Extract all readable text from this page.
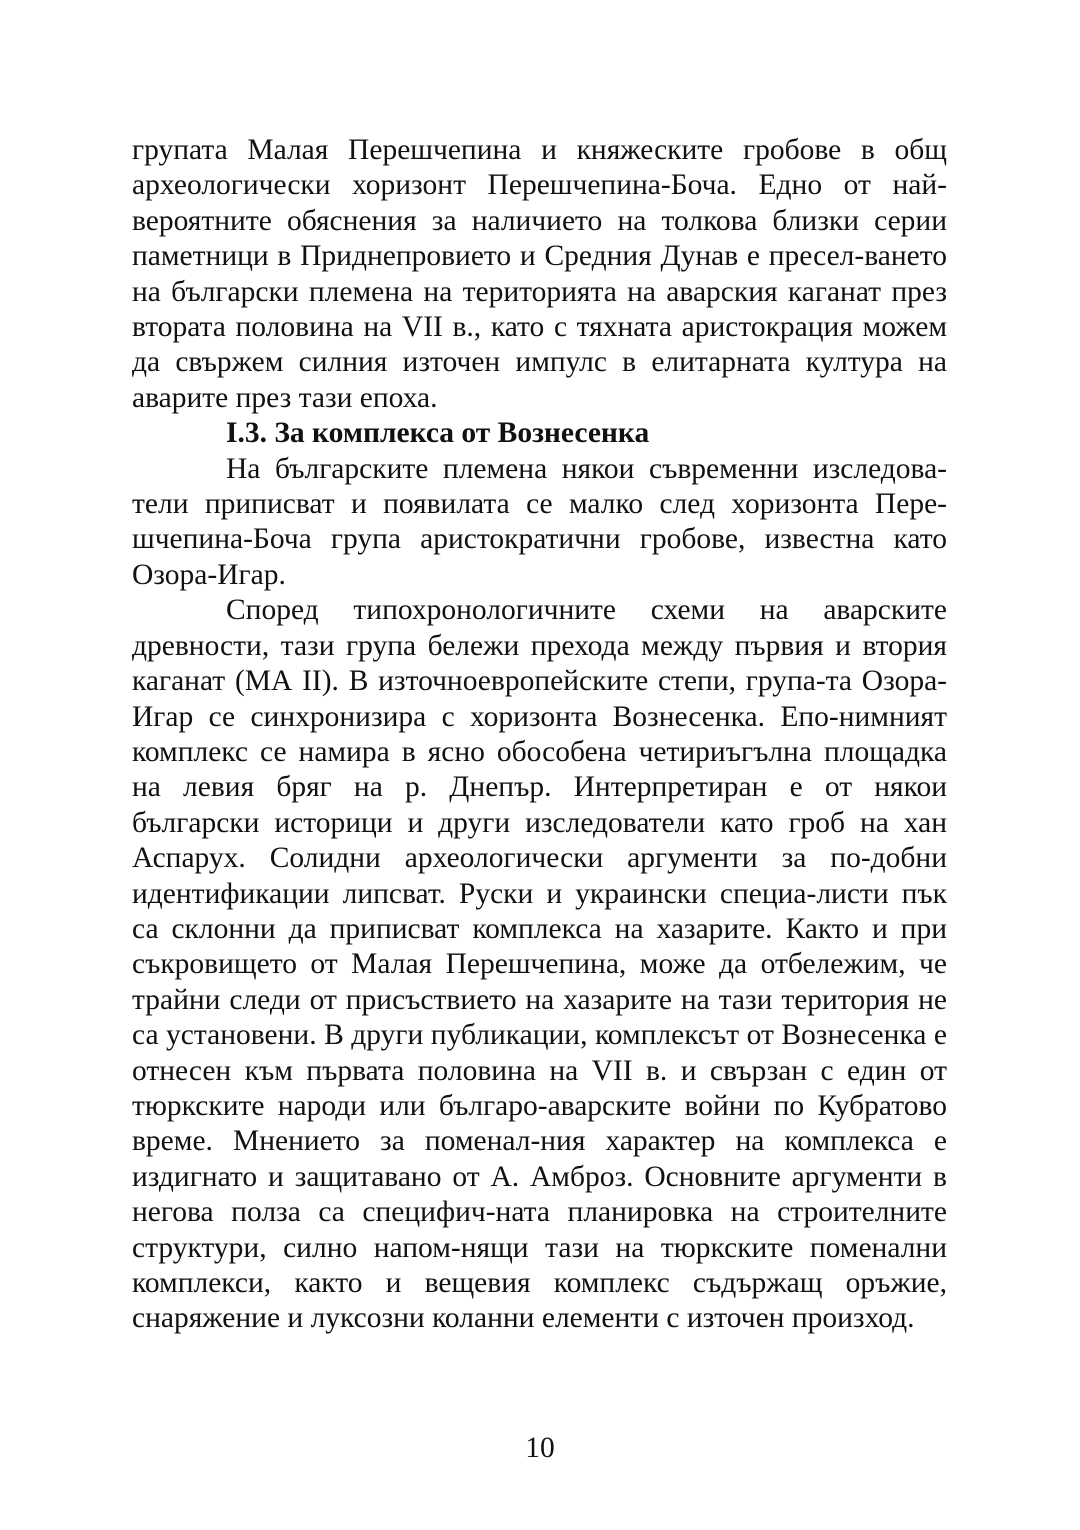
групата Малая Перешчепина и княжеските гробове в общ археологически хоризонт Перешчепина-Боча. Едно от най-вероятните обяснения за наличието на толкова близки серии паметници в Приднепровието и Средния Дунав е пресел-ването на български племена на територията на аварския каганат през втората половина на VII в., като с тяхната аристокрация можем да свържем силния източен импулс в елитарната култура на аварите през тази епоха.

I.3. За комплекса от Вознесенка

На българските племена някои съвременни изследова-тели приписват и появилата се малко след хоризонта Пере-шчепина-Боча група аристократични гробове, известна като Озора-Игар.

Според типохронологичните схеми на аварските древности, тази група бележи прехода между първия и втория каганат (МА II). В източноевропейските степи, група-та Озора-Игар се синхронизира с хоризонта Вознесенка. Епо-нимният комплекс се намира в ясно обособена четириъгълна площадка на левия бряг на р. Днепър. Интерпретиран е от някои български историци и други изследователи като гроб на хан Аспарух. Солидни археологически аргументи за по-добни идентификации липсват. Руски и украински специа-листи пък са склонни да приписват комплекса на хазарите. Както и при съкровището от Малая Перешчепина, може да отбележим, че трайни следи от присъствието на хазарите на тази територия не са установени. В други публикации, комплексът от Вознесенка е отнесен към първата половина на VII в. и свързан с един от тюркските народи или българо-аварските войни по Кубратово време. Мнението за поменал-ния характер на комплекса е издигнато и защитавано от А. Амброз. Основните аргументи в негова полза са специфич-ната планировка на строителните структури, силно напом-нящи тази на тюркските поменални комплекси, както и вещевия комплекс съдържащ оръжие, снаряжение и луксозни коланни елементи с източен произход.

10
